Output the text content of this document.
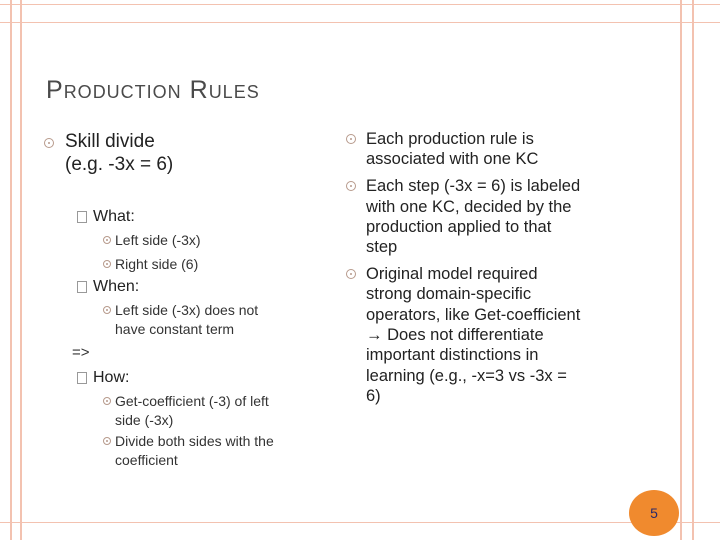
PRODUCTION RULES
Skill divide
(e.g. -3x = 6)
What:
Left side (-3x)
Right side (6)
When:
Left side (-3x) does not
have constant term
=>
How:
Get-coefficient (-3) of left
side (-3x)
Divide both sides with the
coefficient
Each production rule is
associated with one KC
Each step (-3x = 6) is labeled
with one KC, decided by the
production applied to that
step
Original model required
strong domain-specific
operators, like Get-coefficient
→ Does not differentiate
important distinctions in
learning (e.g., -x=3 vs -3x =
6)
5
